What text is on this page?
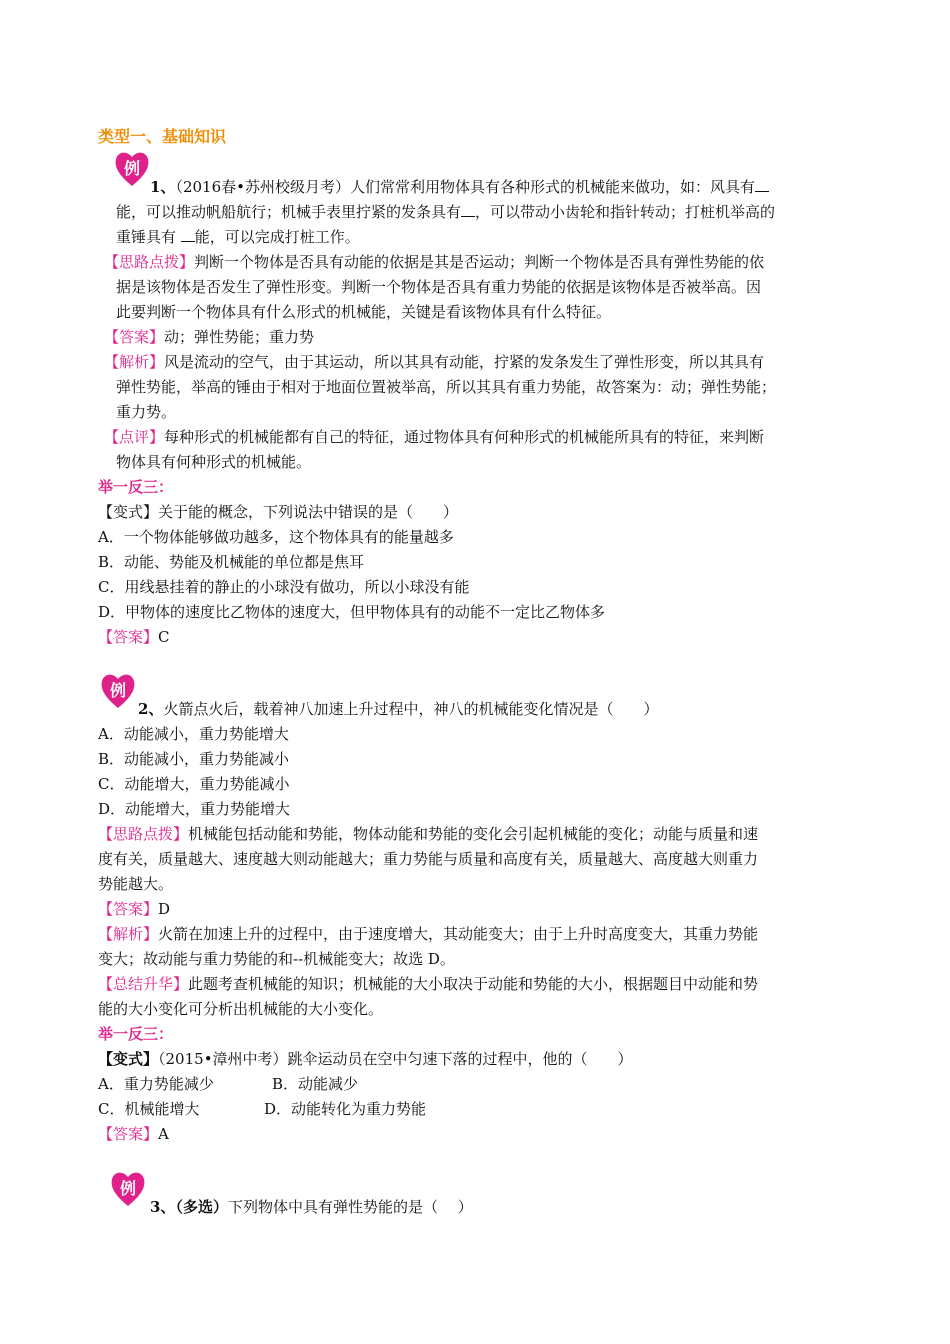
类型一、基础知识
例
1、（2016春•苏州校级月考）人们常常利用物体具有各种形式的机械能来做功，如：风具有
能，可以推动帆船航行；机械手表里拧紧的发条具有 ，可以带动小齿轮和指针转动；打桩机举高的
重锤具有 能，可以完成打桩工作。
【思路点拨】判断一个物体是否具有动能的依据是其是否运动；判断一个物体是否具有弹性势能的依
据是该物体是否发生了弹性形变。判断一个物体是否具有重力势能的依据是该物体是否被举高。因
此要判断一个物体具有什么形式的机械能，关键是看该物体具有什么特征。
【答案】动；弹性势能；重力势
【解析】风是流动的空气，由于其运动，所以其具有动能，拧紧的发条发生了弹性形变，所以其具有
弹性势能，举高的锤由于相对于地面位置被举高，所以其具有重力势能，故答案为：动；弹性势能；
重力势。
【点评】每种形式的机械能都有自己的特征，通过物体具有何种形式的机械能所具有的特征，来判断
物体具有何种形式的机械能。
举一反三：
【变式】关于能的概念，下列说法中错误的是（　　）
A．一个物体能够做功越多，这个物体具有的能量越多
B．动能、势能及机械能的单位都是焦耳
C．用线悬挂着的静止的小球没有做功，所以小球没有能
D．甲物体的速度比乙物体的速度大，但甲物体具有的动能不一定比乙物体多
【答案】C
例
2、火箭点火后，载着神八加速上升过程中，神八的机械能变化情况是（　　）
A．动能减小，重力势能增大
B．动能减小，重力势能减小
C．动能增大，重力势能减小
D．动能增大，重力势能增大
【思路点拨】机械能包括动能和势能，物体动能和势能的变化会引起机械能的变化；动能与质量和速
度有关，质量越大、速度越大则动能越大；重力势能与质量和高度有关，质量越大、高度越大则重力
势能越大。
【答案】D
【解析】火箭在加速上升的过程中，由于速度增大，其动能变大；由于上升时高度变大，其重力势能
变大；故动能与重力势能的和--机械能变大；故选 D。
【总结升华】此题考查机械能的知识；机械能的大小取决于动能和势能的大小，根据题目中动能和势
能的大小变化可分析出机械能的大小变化。
举一反三：
【变式】（2015•漳州中考）跳伞运动员在空中匀速下落的过程中，他的（　　）
A．重力势能减少	B．动能减少
C．机械能增大	D．动能转化为重力势能
【答案】A
例
3、（多选）下列物体中具有弹性势能的是（　 ）
